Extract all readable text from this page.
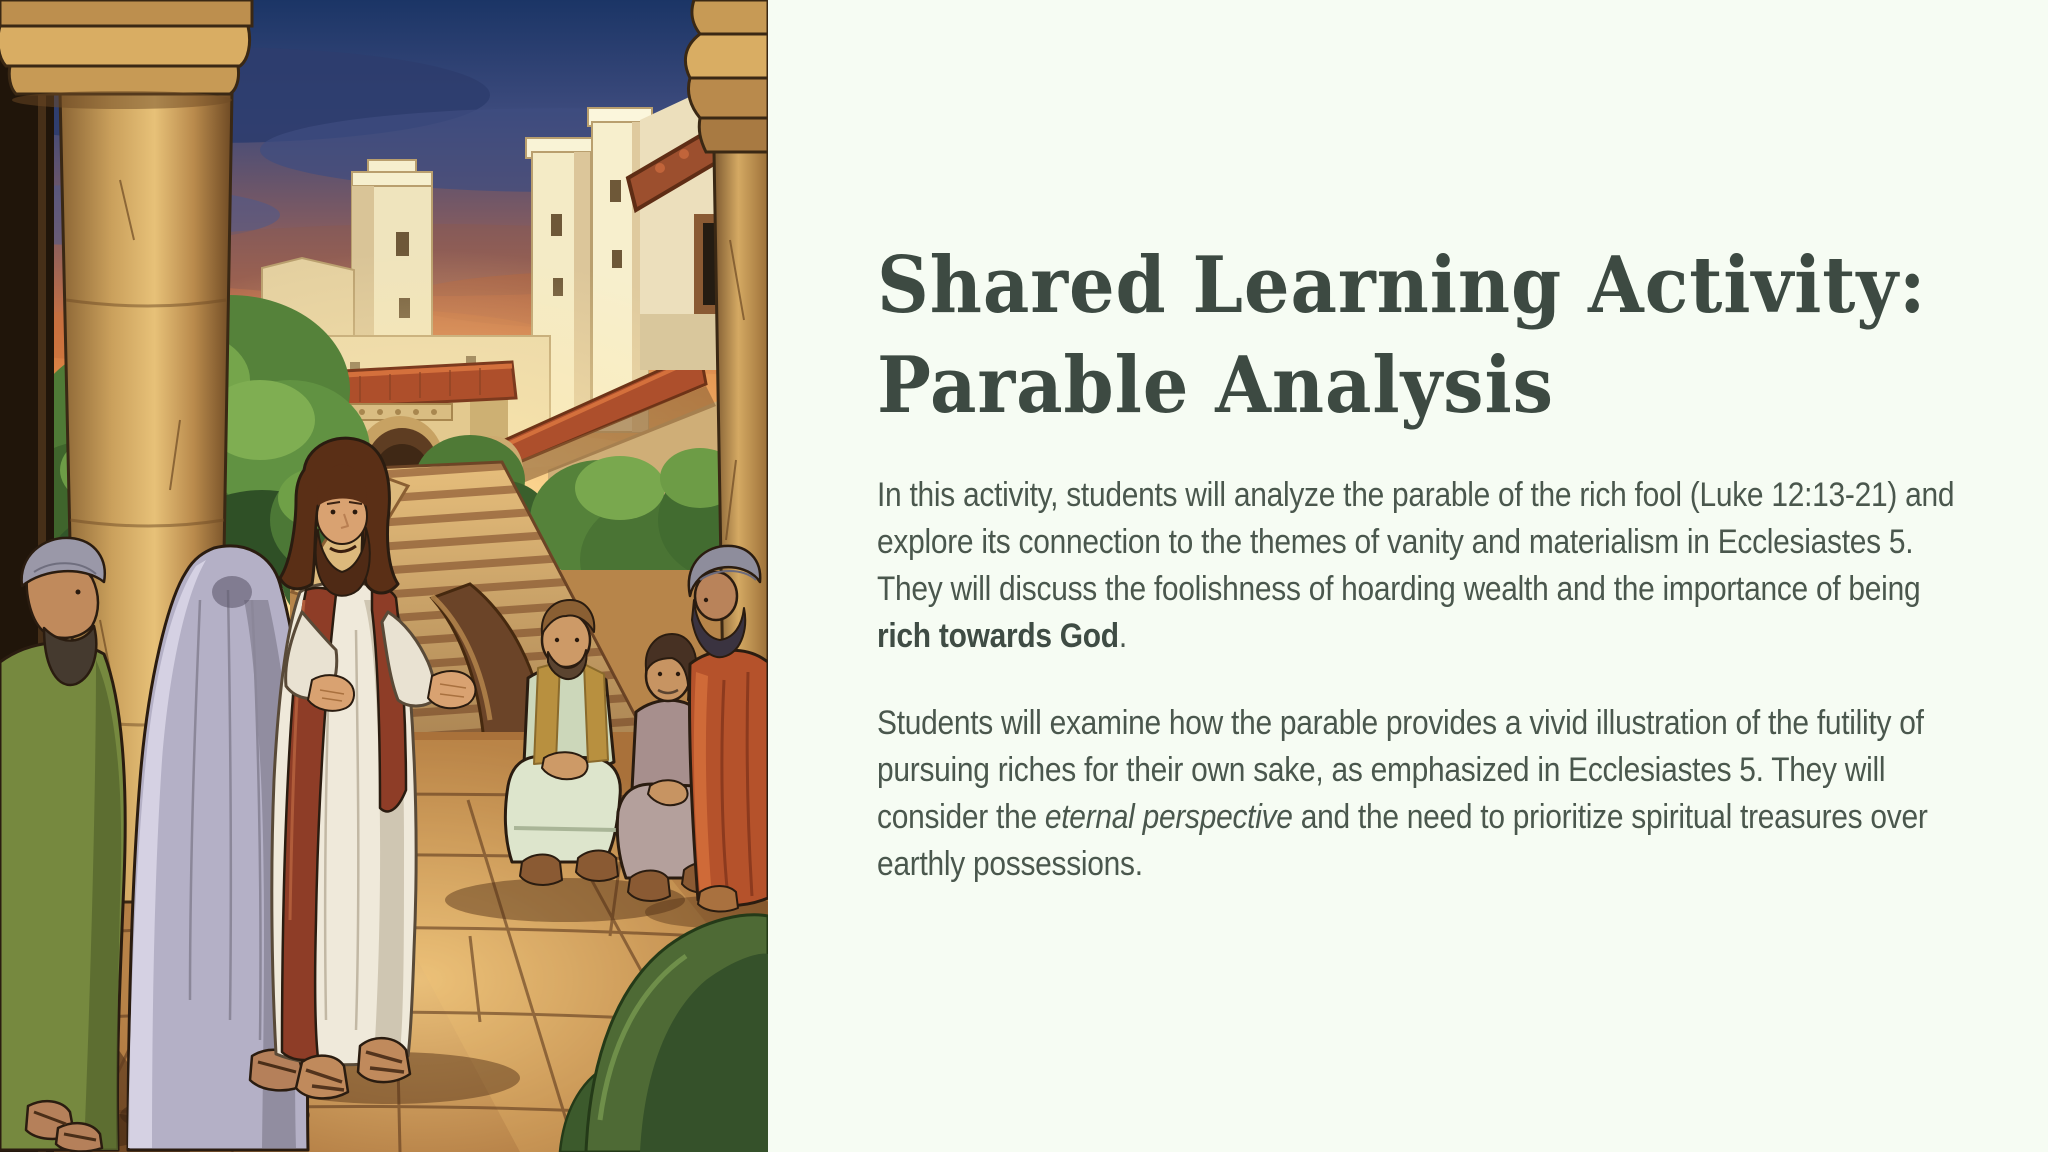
Shared Learning Activity:
Parable Analysis

In this activity, students will analyze the parable of the rich fool (Luke 12:13-21) and explore its connection to the themes of vanity and materialism in Ecclesiastes 5. They will discuss the foolishness of hoarding wealth and the importance of being rich towards God.

Students will examine how the parable provides a vivid illustration of the futility of pursuing riches for their own sake, as emphasized in Ecclesiastes 5. They will consider the eternal perspective and the need to prioritize spiritual treasures over earthly possessions.
